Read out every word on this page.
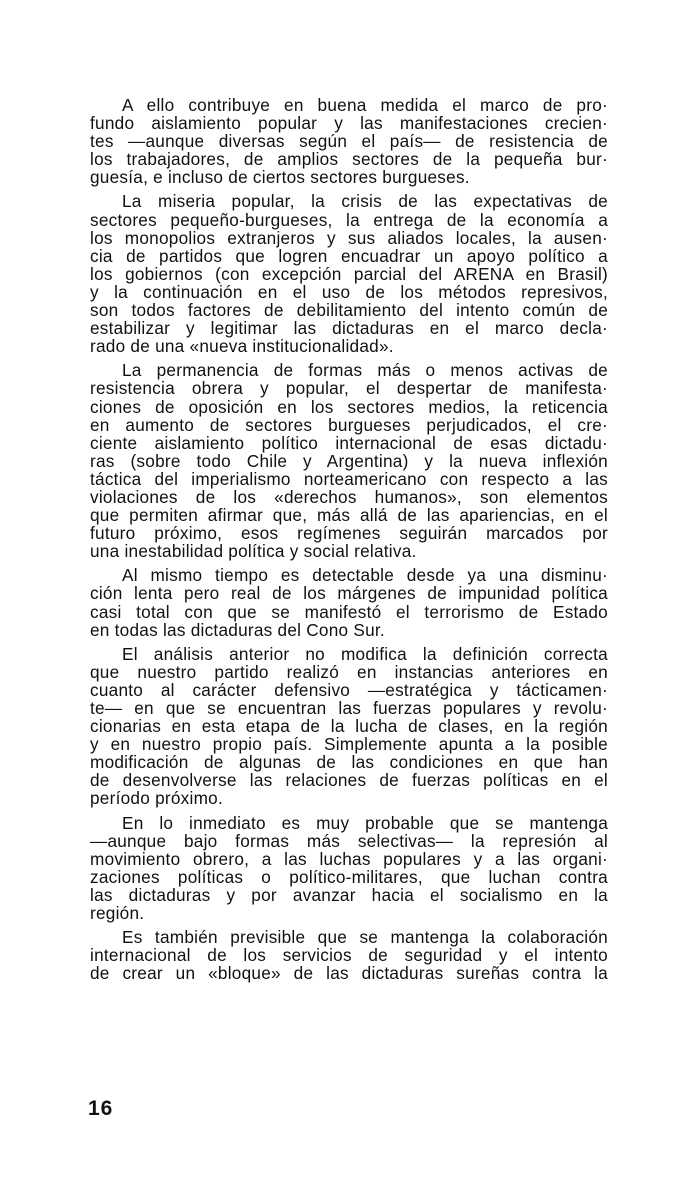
A ello contribuye en buena medida el marco de pro·
fundo aislamiento popular y las manifestaciones crecien·
tes —aunque diversas según el país— de resistencia de
los trabajadores, de amplios sectores de la pequeña bur·
guesía, e incluso de ciertos sectores burgueses.

La miseria popular, la crisis de las expectativas de
sectores pequeño-burgueses, la entrega de la economía a
los monopolios extranjeros y sus aliados locales, la ausen·
cia de partidos que logren encuadrar un apoyo político a
los gobiernos (con excepción parcial del ARENA en Brasil)
y la continuación en el uso de los métodos represivos,
son todos factores de debilitamiento del intento común de
estabilizar y legitimar las dictaduras en el marco decla·
rado de una «nueva institucionalidad».

La permanencia de formas más o menos activas de
resistencia obrera y popular, el despertar de manifesta·
ciones de oposición en los sectores medios, la reticencia
en aumento de sectores burgueses perjudicados, el cre·
ciente aislamiento político internacional de esas dictadu·
ras (sobre todo Chile y Argentina) y la nueva inflexión
táctica del imperialismo norteamericano con respecto a las
violaciones de los «derechos humanos», son elementos
que permiten afirmar que, más allá de las apariencias, en el
futuro próximo, esos regímenes seguirán marcados por
una inestabilidad política y social relativa.

Al mismo tiempo es detectable desde ya una disminu·
ción lenta pero real de los márgenes de impunidad política
casi total con que se manifestó el terrorismo de Estado
en todas las dictaduras del Cono Sur.

El análisis anterior no modifica la definición correcta
que nuestro partido realizó en instancias anteriores en
cuanto al carácter defensivo —estratégica y tácticamen·
te— en que se encuentran las fuerzas populares y revolu·
cionarias en esta etapa de la lucha de clases, en la región
y en nuestro propio país. Simplemente apunta a la posible
modificación de algunas de las condiciones en que han
de desenvolverse las relaciones de fuerzas políticas en el
período próximo.

En lo inmediato es muy probable que se mantenga
—aunque bajo formas más selectivas— la represión al
movimiento obrero, a las luchas populares y a las organi·
zaciones políticas o político-militares, que luchan contra
las dictaduras y por avanzar hacia el socialismo en la
región.

Es también previsible que se mantenga la colaboración
internacional de los servicios de seguridad y el intento
de crear un «bloque» de las dictaduras sureñas contra la

16
